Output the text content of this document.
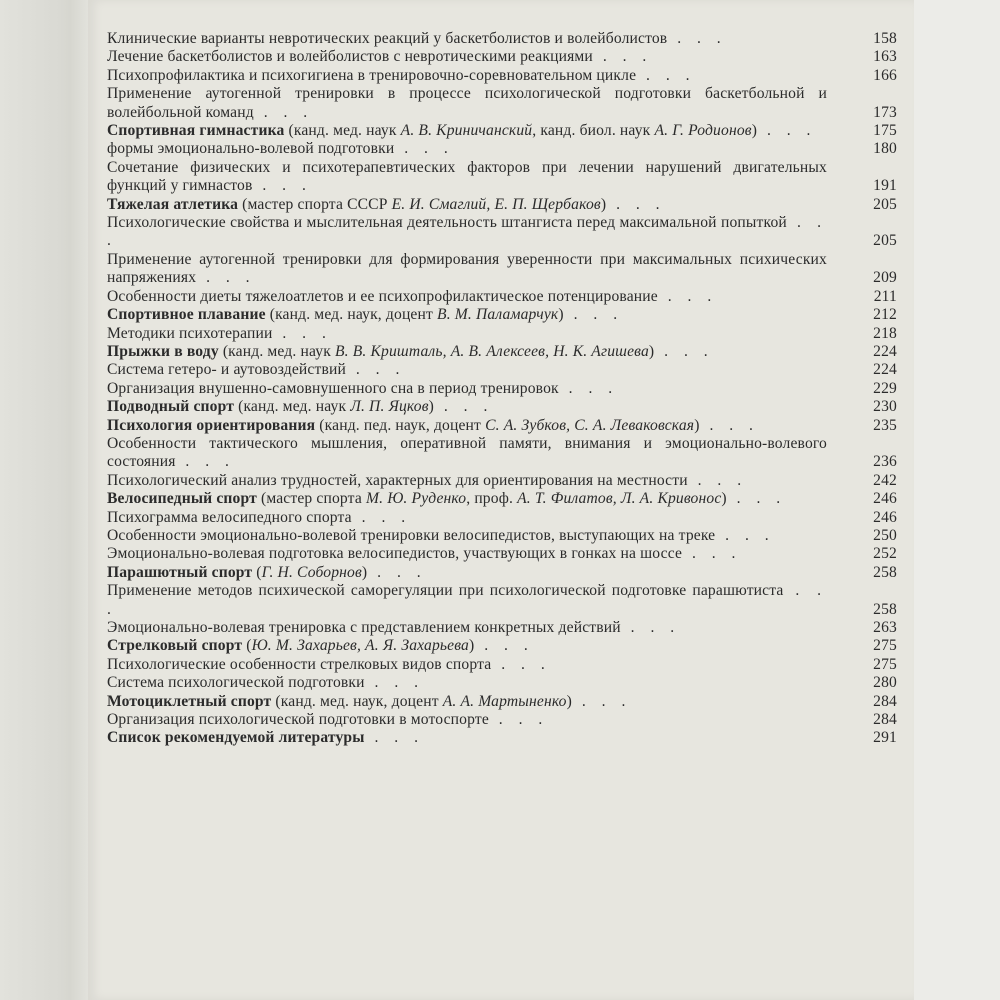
Клинические варианты невротических реакций у баскетболистов и волейболистов . . .	158
Лечение баскетболистов и волейболистов с невротическими реакциями . . .	163
Психопрофилактика и психогигиена в тренировочно-соревновательном цикле . . .	166
Применение аутогенной тренировки в процессе психологической подготовки баскетбольной и волейбольной команд . . .	173
Спортивная гимнастика (канд. мед. наук А. В. Криничанский, канд. биол. наук А. Г. Родионов) . . .	175
формы эмоционально-волевой подготовки . . .	180
Сочетание физических и психотерапевтических факторов при лечении нарушений двигательных функций у гимнастов . . .	191
Тяжелая атлетика (мастер спорта СССР Е. И. Смаглий, Е. П. Щербаков) . . .	205
Психологические свойства и мыслительная деятельность штангиста перед максимальной попыткой . . .	205
Применение аутогенной тренировки для формирования уверенности при максимальных психических напряжениях . . .	209
Особенности диеты тяжелоатлетов и ее психопрофилактическое потенцирование . . .	211
Спортивное плавание (канд. мед. наук, доцент В. М. Паламарчук) . . .	212
Методики психотерапии . . .	218
Прыжки в воду (канд. мед. наук В. В. Кришталь, А. В. Алексеев, Н. К. Агишева) . . .	224
Система гетеро- и аутовоздействий . . .	224
Организация внушенно-самовнушенного сна в период тренировок . . .	229
Подводный спорт (канд. мед. наук Л. П. Яцков) . . .	230
Психология ориентирования (канд. пед. наук, доцент С. А. Зубков, С. А. Леваковская) . . .	235
Особенности тактического мышления, оперативной памяти, внимания и эмоционально-волевого состояния . . .	236
Психологический анализ трудностей, характерных для ориентирования на местности . . .	242
Велосипедный спорт (мастер спорта М. Ю. Руденко, проф. А. Т. Филатов, Л. А. Кривонос) . . .	246
Психограмма велосипедного спорта . . .	246
Особенности эмоционально-волевой тренировки велосипедистов, выступающих на треке . . .	250
Эмоционально-волевая подготовка велосипедистов, участвующих в гонках на шоссе . . .	252
Парашютный спорт (Г. Н. Соборнов) . . .	258
Применение методов психической саморегуляции при психологической подготовке парашютиста . . .	258
Эмоционально-волевая тренировка с представлением конкретных действий . . .	263
Стрелковый спорт (Ю. М. Захарьев, А. Я. Захарьева) . . .	275
Психологические особенности стрелковых видов спорта . . .	275
Система психологической подготовки . . .	280
Мотоциклетный спорт (канд. мед. наук, доцент А. А. Мартыненко) . . .	284
Организация психологической подготовки в мотоспорте . . .	284
Список рекомендуемой литературы . . .	291
